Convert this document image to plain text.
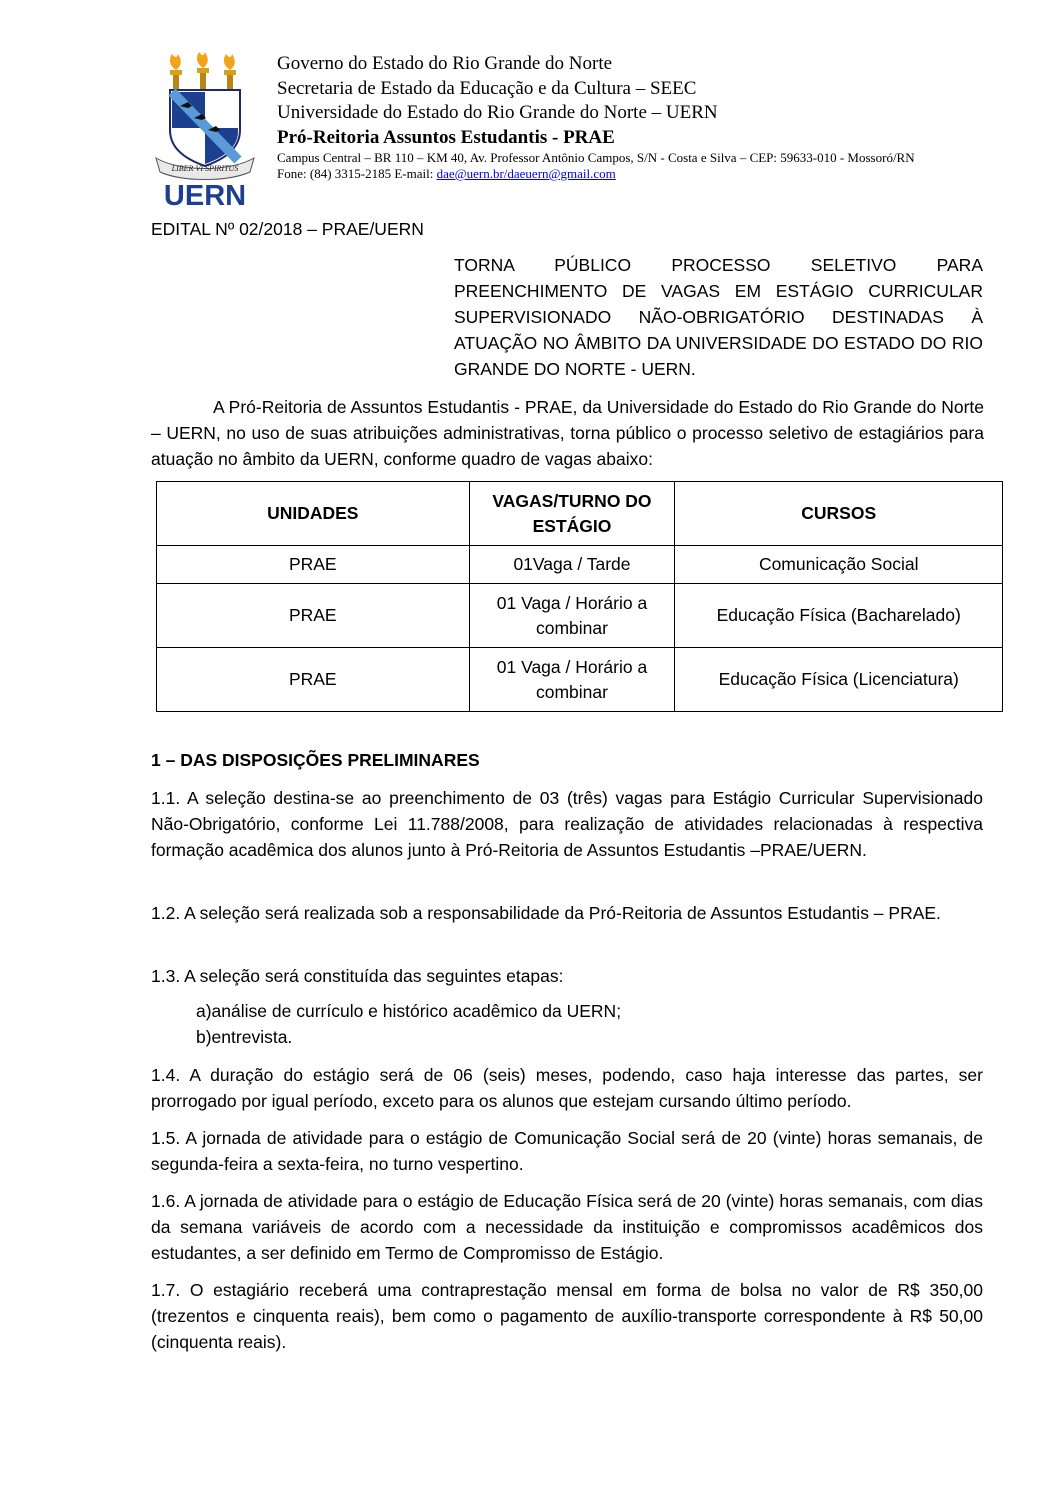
LIBER VI SPIRITUS
UERN
Governo do Estado do Rio Grande do Norte
Secretaria de Estado da Educação e da Cultura – SEEC
Universidade do Estado do Rio Grande do Norte – UERN
Pró-Reitoria Assuntos Estudantis - PRAE
Campus Central – BR 110 – KM 40, Av. Professor Antônio Campos, S/N - Costa e Silva – CEP: 59633-010 - Mossoró/RN
Fone: (84) 3315-2185 E-mail: dae@uern.br/daeuern@gmail.com
EDITAL Nº 02/2018 – PRAE/UERN
TORNA PÚBLICO PROCESSO SELETIVO PARA PREENCHIMENTO DE VAGAS EM ESTÁGIO CURRICULAR SUPERVISIONADO NÃO-OBRIGATÓRIO DESTINADAS À ATUAÇÃO NO ÂMBITO DA UNIVERSIDADE DO ESTADO DO RIO GRANDE DO NORTE - UERN.
A Pró-Reitoria de Assuntos Estudantis - PRAE, da Universidade do Estado do Rio Grande do Norte – UERN, no uso de suas atribuições administrativas, torna público o processo seletivo de estagiários para atuação no âmbito da UERN, conforme quadro de vagas abaixo:
UNIDADES	VAGAS/TURNO DO ESTÁGIO	CURSOS
PRAE	01Vaga / Tarde	Comunicação Social
PRAE	01 Vaga / Horário a combinar	Educação Física (Bacharelado)
PRAE	01 Vaga / Horário a combinar	Educação Física (Licenciatura)
1 – DAS DISPOSIÇÕES PRELIMINARES
1.1. A seleção destina-se ao preenchimento de 03 (três) vagas para Estágio Curricular Supervisionado Não-Obrigatório, conforme Lei 11.788/2008, para realização de atividades relacionadas à respectiva formação acadêmica dos alunos junto à Pró-Reitoria de Assuntos Estudantis –PRAE/UERN.
1.2. A seleção será realizada sob a responsabilidade da Pró-Reitoria de Assuntos Estudantis – PRAE.
1.3. A seleção será constituída das seguintes etapas:
a)análise de currículo e histórico acadêmico da UERN;
b)entrevista.
1.4. A duração do estágio será de 06 (seis) meses, podendo, caso haja interesse das partes, ser prorrogado por igual período, exceto para os alunos que estejam cursando último período.
1.5. A jornada de atividade para o estágio de Comunicação Social será de 20 (vinte) horas semanais, de segunda-feira a sexta-feira, no turno vespertino.
1.6. A jornada de atividade para o estágio de Educação Física será de 20 (vinte) horas semanais, com dias da semana variáveis de acordo com a necessidade da instituição e compromissos acadêmicos dos estudantes, a ser definido em Termo de Compromisso de Estágio.
1.7. O estagiário receberá uma contraprestação mensal em forma de bolsa no valor de R$ 350,00 (trezentos e cinquenta reais), bem como o pagamento de auxílio-transporte correspondente à R$ 50,00 (cinquenta reais).
